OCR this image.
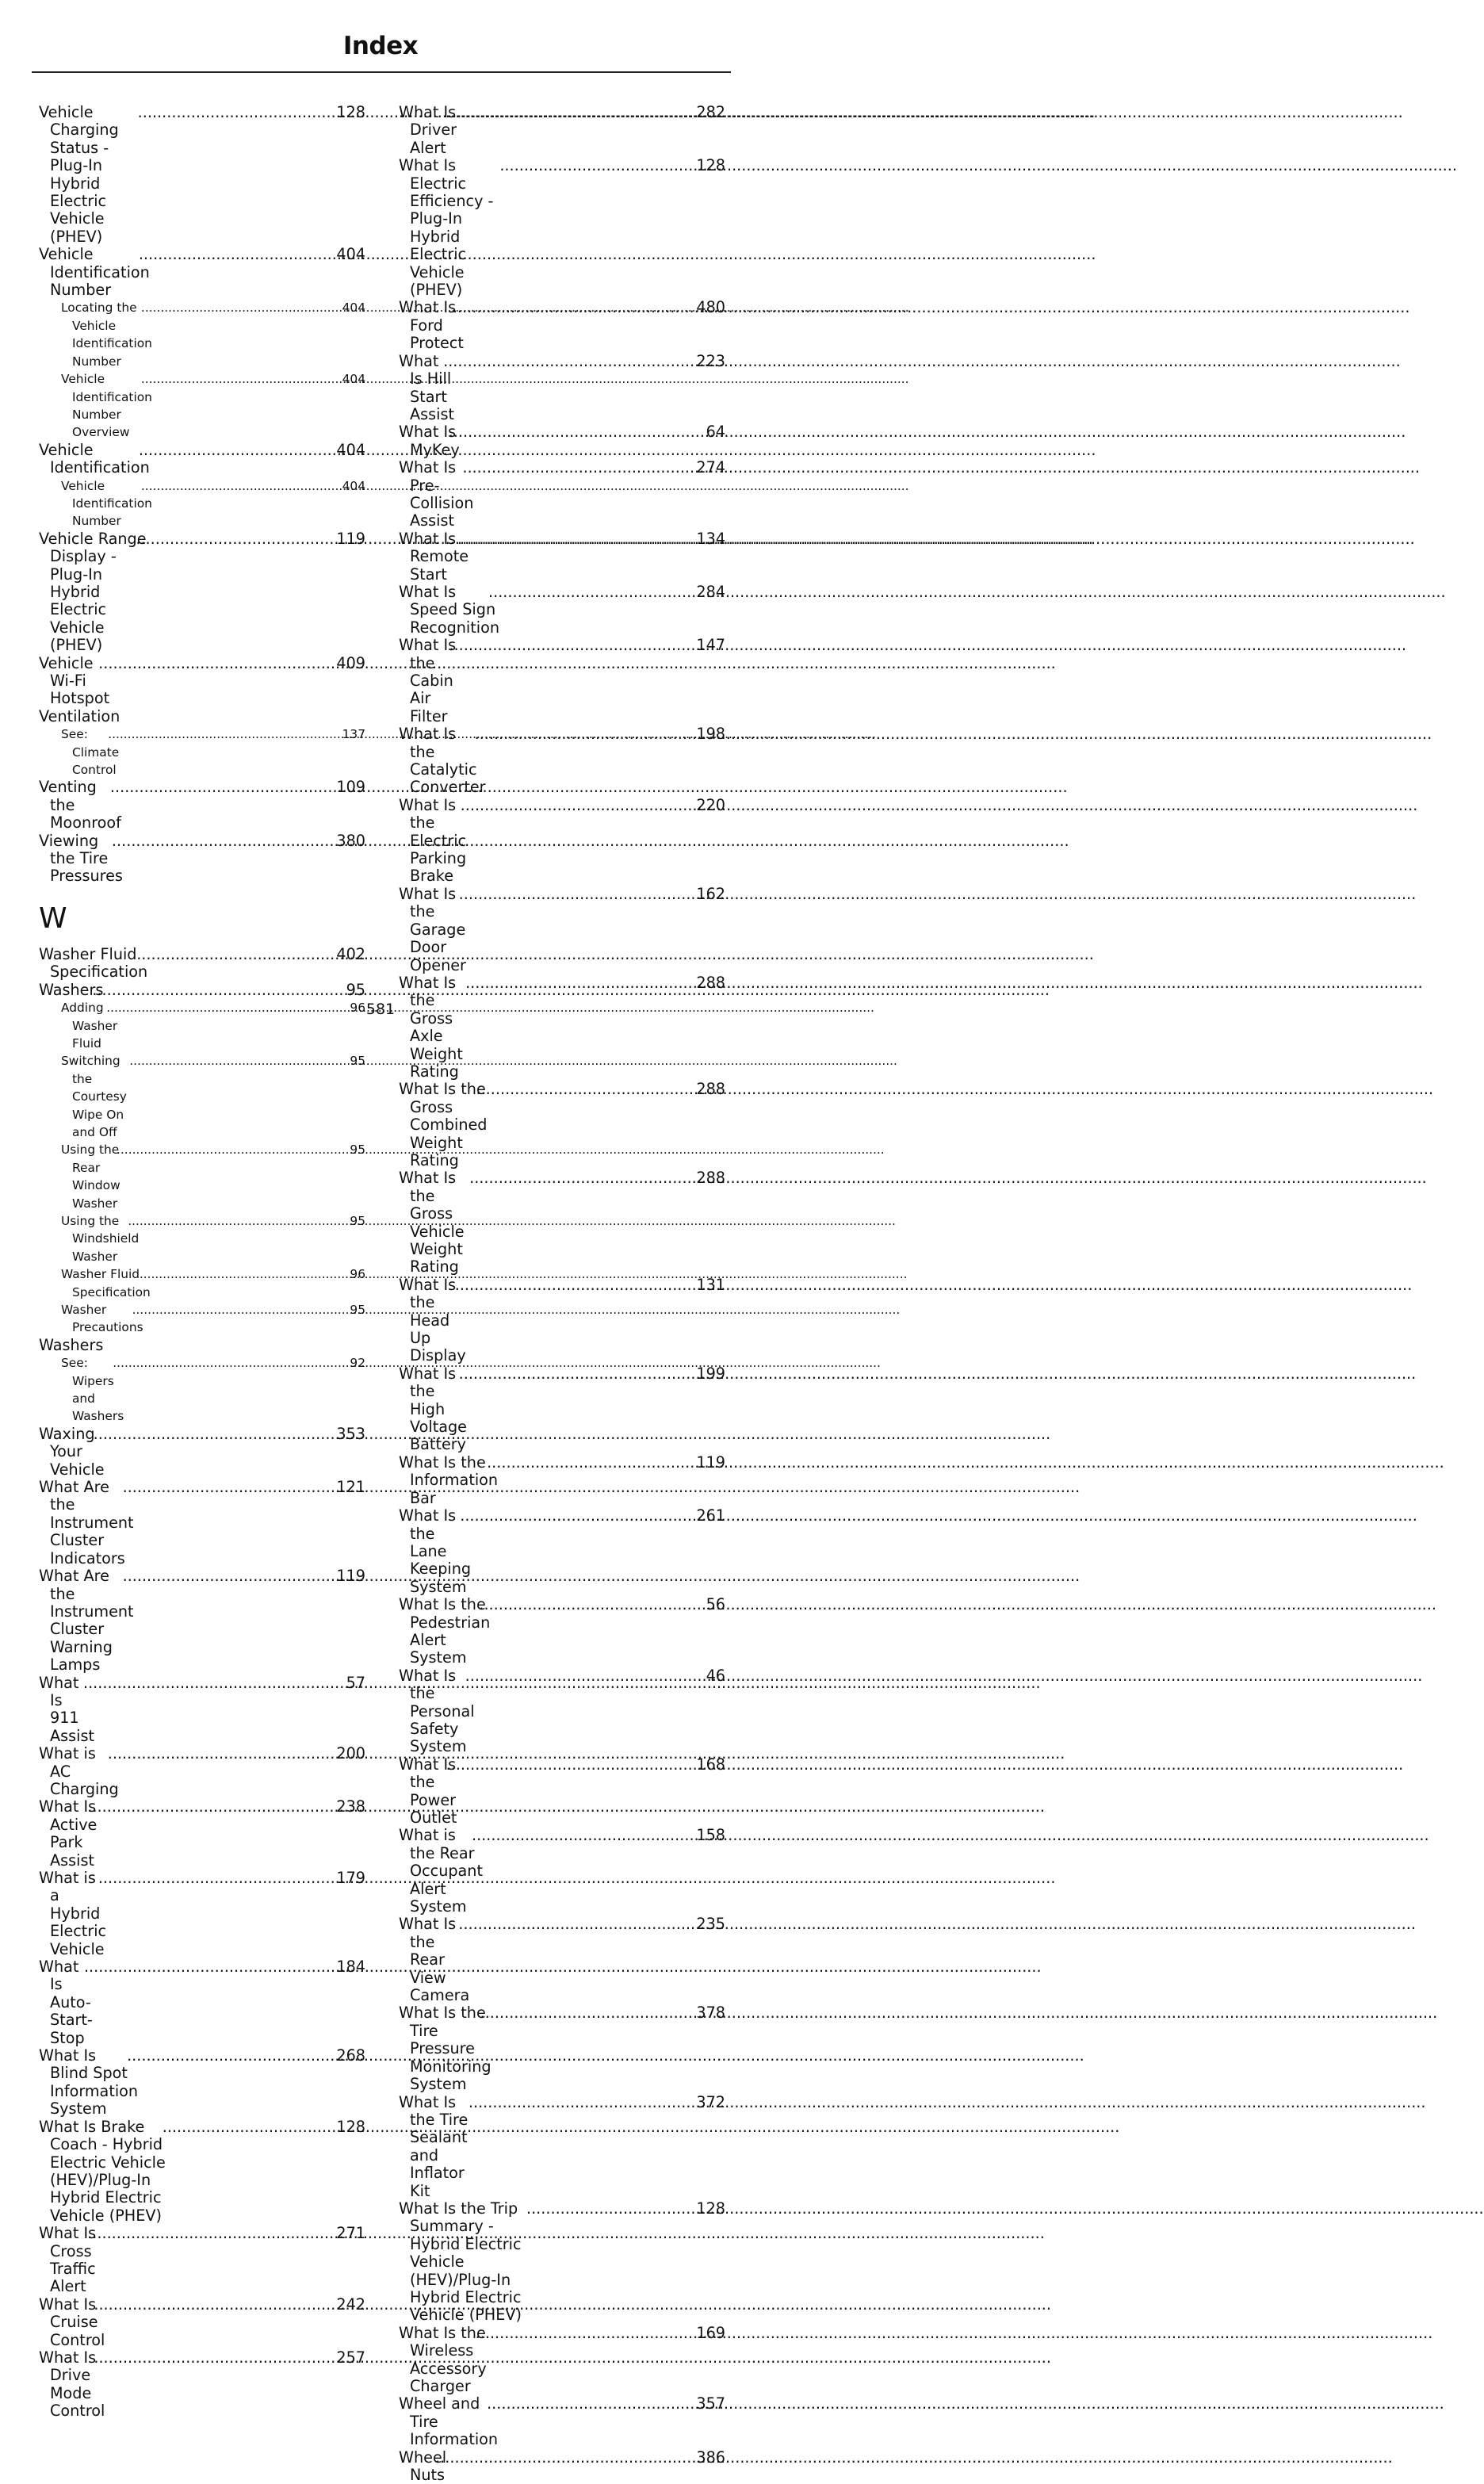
Index
Vehicle Charging Status - Plug-In Hybrid Electric Vehicle (PHEV)
.....
128
Vehicle Identification Number
.....
404
Locating the Vehicle Identification Number
.....
404
Vehicle Identification Number Overview
.....
404
Vehicle Identification
.....
404
Vehicle Identification Number
.....
404
Vehicle Range Display - Plug-In Hybrid Electric Vehicle (PHEV)
.....
119
Vehicle Wi-Fi Hotspot
.....
409
Ventilation
See: Climate Control
.....
137
Venting the Moonroof
.....
109
Viewing the Tire Pressures
.....
380
W
Washer Fluid Specification
.....
402
Washers
.....	95
Adding Washer Fluid
.....
96
Switching the Courtesy Wipe On and Off
.....
95
Using the Rear Window Washer
.....
95
Using the Windshield Washer
.....
95
Washer Fluid Specification
.....
96
Washer Precautions
.....
95
Washers
See: Wipers and Washers
.....
92
Waxing Your Vehicle
.....
353
What Are the Instrument Cluster Indicators
.....
121
What Are the Instrument Cluster Warning Lamps
.....
119
What Is 911 Assist
.....
57
What is AC Charging
.....
200
What Is Active Park Assist
.....
238
What is a Hybrid Electric Vehicle
.....
179
What Is Auto-Start-Stop
.....
184
What Is Blind Spot Information System
.....
268
What Is Brake Coach - Hybrid Electric Vehicle (HEV)/Plug-In Hybrid Electric Vehicle (PHEV)
.....
128
What Is Cross Traffic Alert
.....
271
What Is Cruise Control
.....
242
What Is Drive Mode Control
.....
257
What Is Driver Alert
.....
282
What Is Electric Efficiency - Plug-In Hybrid Electric Vehicle (PHEV)
.....
128
What Is Ford Protect
.....
480
What Is Hill Start Assist
.....
223
What Is MyKey
.....
64
What Is Pre-Collision Assist
.....
274
What Is Remote Start
.....
134
What Is Speed Sign Recognition
.....
284
What Is the Cabin Air Filter
.....
147
What Is the Catalytic Converter
.....
198
What Is the Electric Parking Brake
.....
220
What Is the Garage Door Opener
.....
162
What Is the Gross Axle Weight Rating
.....
288
What Is the Gross Combined Weight Rating
.....
288
What Is the Gross Vehicle Weight Rating
.....
288
What Is the Head Up Display
.....
131
What Is the High Voltage Battery
.....
199
What Is the Information Bar
.....
119
What Is the Lane Keeping System
.....
261
What Is the Pedestrian Alert System
.....
56
What Is the Personal Safety System
.....
46
What Is the Power Outlet
.....
168
What is the Rear Occupant Alert System
.....
158
What Is the Rear View Camera
.....
235
What Is the Tire Pressure Monitoring System
.....
378
What Is the Tire Sealant and Inflator Kit
.....
372
What Is the Trip Summary - Hybrid Electric Vehicle (HEV)/Plug-In Hybrid Electric Vehicle (PHEV)
.....
128
What Is the Wireless Accessory Charger
.....
169
Wheel and Tire Information
.....
357
Wheel Nuts
.....
386
581
